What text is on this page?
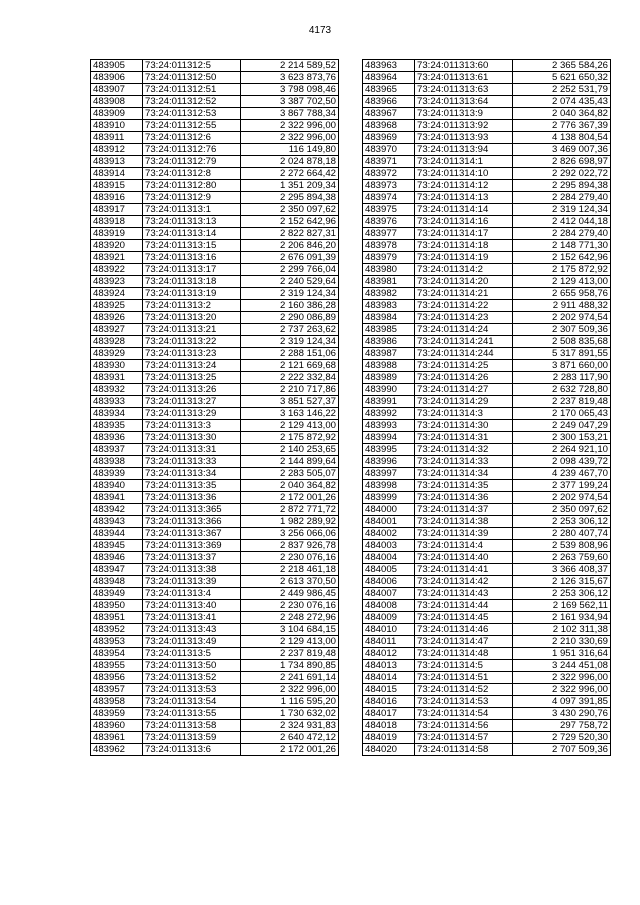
4173
483905	73:24:011312:5	2 214 589,52
483906	73:24:011312:50	3 623 873,76
483907	73:24:011312:51	3 798 098,46
483908	73:24:011312:52	3 387 702,50
483909	73:24:011312:53	3 867 788,34
483910	73:24:011312:55	2 322 996,00
483911	73:24:011312:6	2 322 996,00
483912	73:24:011312:76	116 149,80
483913	73:24:011312:79	2 024 878,18
483914	73:24:011312:8	2 272 664,42
483915	73:24:011312:80	1 351 209,34
483916	73:24:011312:9	2 295 894,38
483917	73:24:011313:1	2 350 097,62
483918	73:24:011313:13	2 152 642,96
483919	73:24:011313:14	2 822 827,31
483920	73:24:011313:15	2 206 846,20
483921	73:24:011313:16	2 676 091,39
483922	73:24:011313:17	2 299 766,04
483923	73:24:011313:18	2 240 529,64
483924	73:24:011313:19	2 319 124,34
483925	73:24:011313:2	2 160 386,28
483926	73:24:011313:20	2 290 086,89
483927	73:24:011313:21	2 737 263,62
483928	73:24:011313:22	2 319 124,34
483929	73:24:011313:23	2 288 151,06
483930	73:24:011313:24	2 121 669,68
483931	73:24:011313:25	2 222 332,84
483932	73:24:011313:26	2 210 717,86
483933	73:24:011313:27	3 851 527,37
483934	73:24:011313:29	3 163 146,22
483935	73:24:011313:3	2 129 413,00
483936	73:24:011313:30	2 175 872,92
483937	73:24:011313:31	2 140 253,65
483938	73:24:011313:33	2 144 899,64
483939	73:24:011313:34	2 283 505,07
483940	73:24:011313:35	2 040 364,82
483941	73:24:011313:36	2 172 001,26
483942	73:24:011313:365	2 872 771,72
483943	73:24:011313:366	1 982 289,92
483944	73:24:011313:367	3 256 066,06
483945	73:24:011313:369	2 837 926,78
483946	73:24:011313:37	2 230 076,16
483947	73:24:011313:38	2 218 461,18
483948	73:24:011313:39	2 613 370,50
483949	73:24:011313:4	2 449 986,45
483950	73:24:011313:40	2 230 076,16
483951	73:24:011313:41	2 248 272,96
483952	73:24:011313:43	3 104 684,15
483953	73:24:011313:49	2 129 413,00
483954	73:24:011313:5	2 237 819,48
483955	73:24:011313:50	1 734 890,85
483956	73:24:011313:52	2 241 691,14
483957	73:24:011313:53	2 322 996,00
483958	73:24:011313:54	1 116 595,20
483959	73:24:011313:55	1 730 632,02
483960	73:24:011313:58	2 324 931,83
483961	73:24:011313:59	2 640 472,12
483962	73:24:011313:6	2 172 001,26
483963	73:24:011313:60	2 365 584,26
483964	73:24:011313:61	5 621 650,32
483965	73:24:011313:63	2 252 531,79
483966	73:24:011313:64	2 074 435,43
483967	73:24:011313:9	2 040 364,82
483968	73:24:011313:92	2 776 367,39
483969	73:24:011313:93	4 138 804,54
483970	73:24:011313:94	3 469 007,36
483971	73:24:011314:1	2 826 698,97
483972	73:24:011314:10	2 292 022,72
483973	73:24:011314:12	2 295 894,38
483974	73:24:011314:13	2 284 279,40
483975	73:24:011314:14	2 319 124,34
483976	73:24:011314:16	2 412 044,18
483977	73:24:011314:17	2 284 279,40
483978	73:24:011314:18	2 148 771,30
483979	73:24:011314:19	2 152 642,96
483980	73:24:011314:2	2 175 872,92
483981	73:24:011314:20	2 129 413,00
483982	73:24:011314:21	2 655 958,76
483983	73:24:011314:22	2 911 488,32
483984	73:24:011314:23	2 202 974,54
483985	73:24:011314:24	2 307 509,36
483986	73:24:011314:241	2 508 835,68
483987	73:24:011314:244	5 317 891,55
483988	73:24:011314:25	3 871 660,00
483989	73:24:011314:26	2 283 117,90
483990	73:24:011314:27	2 632 728,80
483991	73:24:011314:29	2 237 819,48
483992	73:24:011314:3	2 170 065,43
483993	73:24:011314:30	2 249 047,29
483994	73:24:011314:31	2 300 153,21
483995	73:24:011314:32	2 264 921,10
483996	73:24:011314:33	2 098 439,72
483997	73:24:011314:34	4 239 467,70
483998	73:24:011314:35	2 377 199,24
483999	73:24:011314:36	2 202 974,54
484000	73:24:011314:37	2 350 097,62
484001	73:24:011314:38	2 253 306,12
484002	73:24:011314:39	2 280 407,74
484003	73:24:011314:4	2 539 808,96
484004	73:24:011314:40	2 263 759,60
484005	73:24:011314:41	3 366 408,37
484006	73:24:011314:42	2 126 315,67
484007	73:24:011314:43	2 253 306,12
484008	73:24:011314:44	2 169 562,11
484009	73:24:011314:45	2 161 934,94
484010	73:24:011314:46	2 102 311,38
484011	73:24:011314:47	2 210 330,69
484012	73:24:011314:48	1 951 316,64
484013	73:24:011314:5	3 244 451,08
484014	73:24:011314:51	2 322 996,00
484015	73:24:011314:52	2 322 996,00
484016	73:24:011314:53	4 097 391,85
484017	73:24:011314:54	3 430 290,76
484018	73:24:011314:56	297 758,72
484019	73:24:011314:57	2 729 520,30
484020	73:24:011314:58	2 707 509,36
